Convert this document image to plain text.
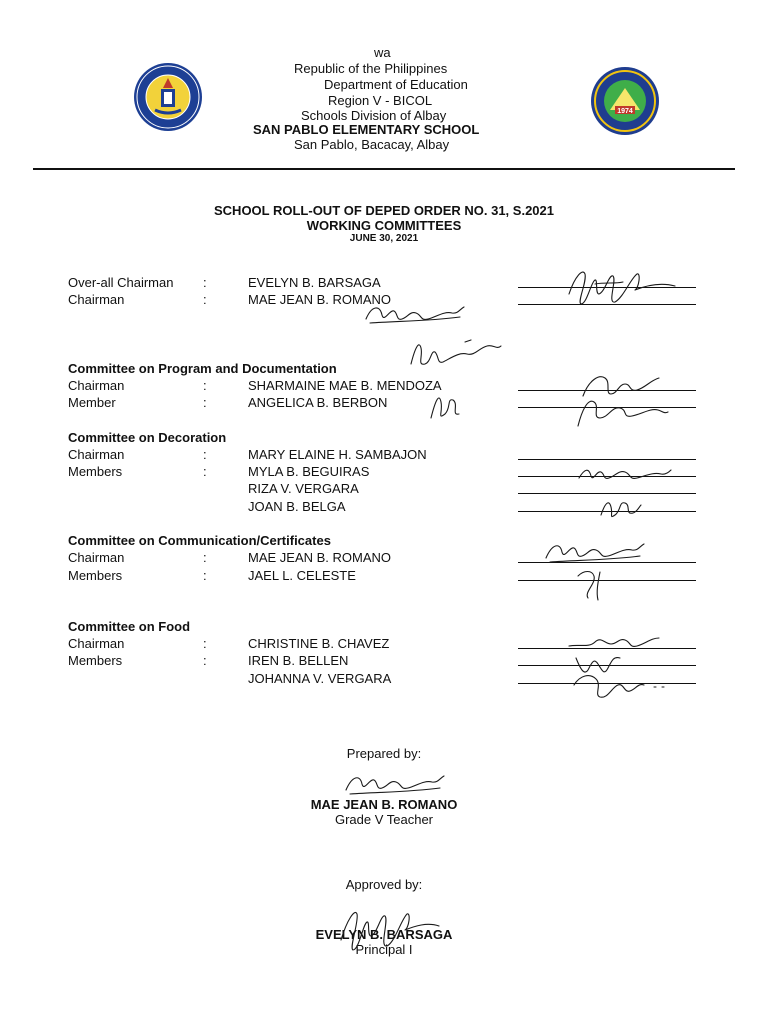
1974
wa
Republic of the Philippines
Department of Education
Region V - BICOL
Schools Division of Albay
SAN PABLO ELEMENTARY SCHOOL
San Pablo, Bacacay, Albay
SCHOOL ROLL-OUT OF DEPED ORDER NO. 31, S.2021
WORKING COMMITTEES
JUNE 30, 2021
Over-all Chairman :	EVELYN B. BARSAGA
Chairman	:	MAE JEAN B. ROMANO
Committee on Program and Documentation
Chairman	:	SHARMAINE MAE B. MENDOZA
Member	:	ANGELICA B. BERBON
Committee on Decoration
Chairman	:	MARY ELAINE H. SAMBAJON
Members	:	MYLA B. BEGUIRAS
RIZA V. VERGARA
JOAN B. BELGA
Committee on Communication/Certificates
Chairman	:	MAE JEAN B. ROMANO
Members	:	JAEL L. CELESTE
Committee on Food
Chairman	:	CHRISTINE B. CHAVEZ
Members	:	IREN B. BELLEN
JOHANNA V. VERGARA
Prepared by:
MAE JEAN B. ROMANO
Grade V Teacher
Approved by:
EVELYN B. BARSAGA
Principal I
